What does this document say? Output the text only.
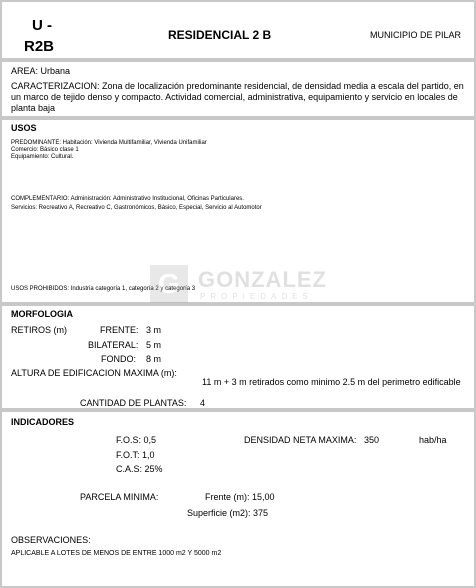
U -
R2B
RESIDENCIAL 2 B	MUNICIPIO DE PILAR
AREA: Urbana
CARACTERIZACION: Zona de localización predominante residencial, de densidad media a escala del partido, en un marco de tejido denso y compacto. Actividad comercial, administrativa, equipamiento y servicio en locales de planta baja
USOS
PREDOMINANTE: Habitación: Vivienda Multifamiliar, Vivienda Unifamiliar
Comercio: Básico clase 1
Equipamiento: Cultural.
COMPLEMENTARIO: Administración: Administrativo Institucional, Oficinas Particulares.
Servicios: Recreativo A, Recreativo C, Gastronómicos, Básico, Especial, Servicio al Automotor
USOS PROHIBIDOS: Industria categoría 1, categoría 2 y categoría 3
G GONZALEZ
PROPIEDADES
MORFOLOGIA
RETIROS (m)	FRENTE: 3 m
BILATERAL: 5 m
FONDO: 8 m
ALTURA DE EDIFICACION MAXIMA (m):
11 m + 3 m retirados como minimo 2.5 m del perimetro edificable
CANTIDAD DE PLANTAS: 4
INDICADORES
F.O.S: 0,5
F.O.T: 1,0
C.A.S: 25%
DENSIDAD NETA MAXIMA: 350	hab/ha
PARCELA MINIMA:	Frente (m): 15,00
Superficie (m2): 375
OBSERVACIONES:
APLICABLE A LOTES DE MENOS DE ENTRE 1000 m2 Y 5000 m2
